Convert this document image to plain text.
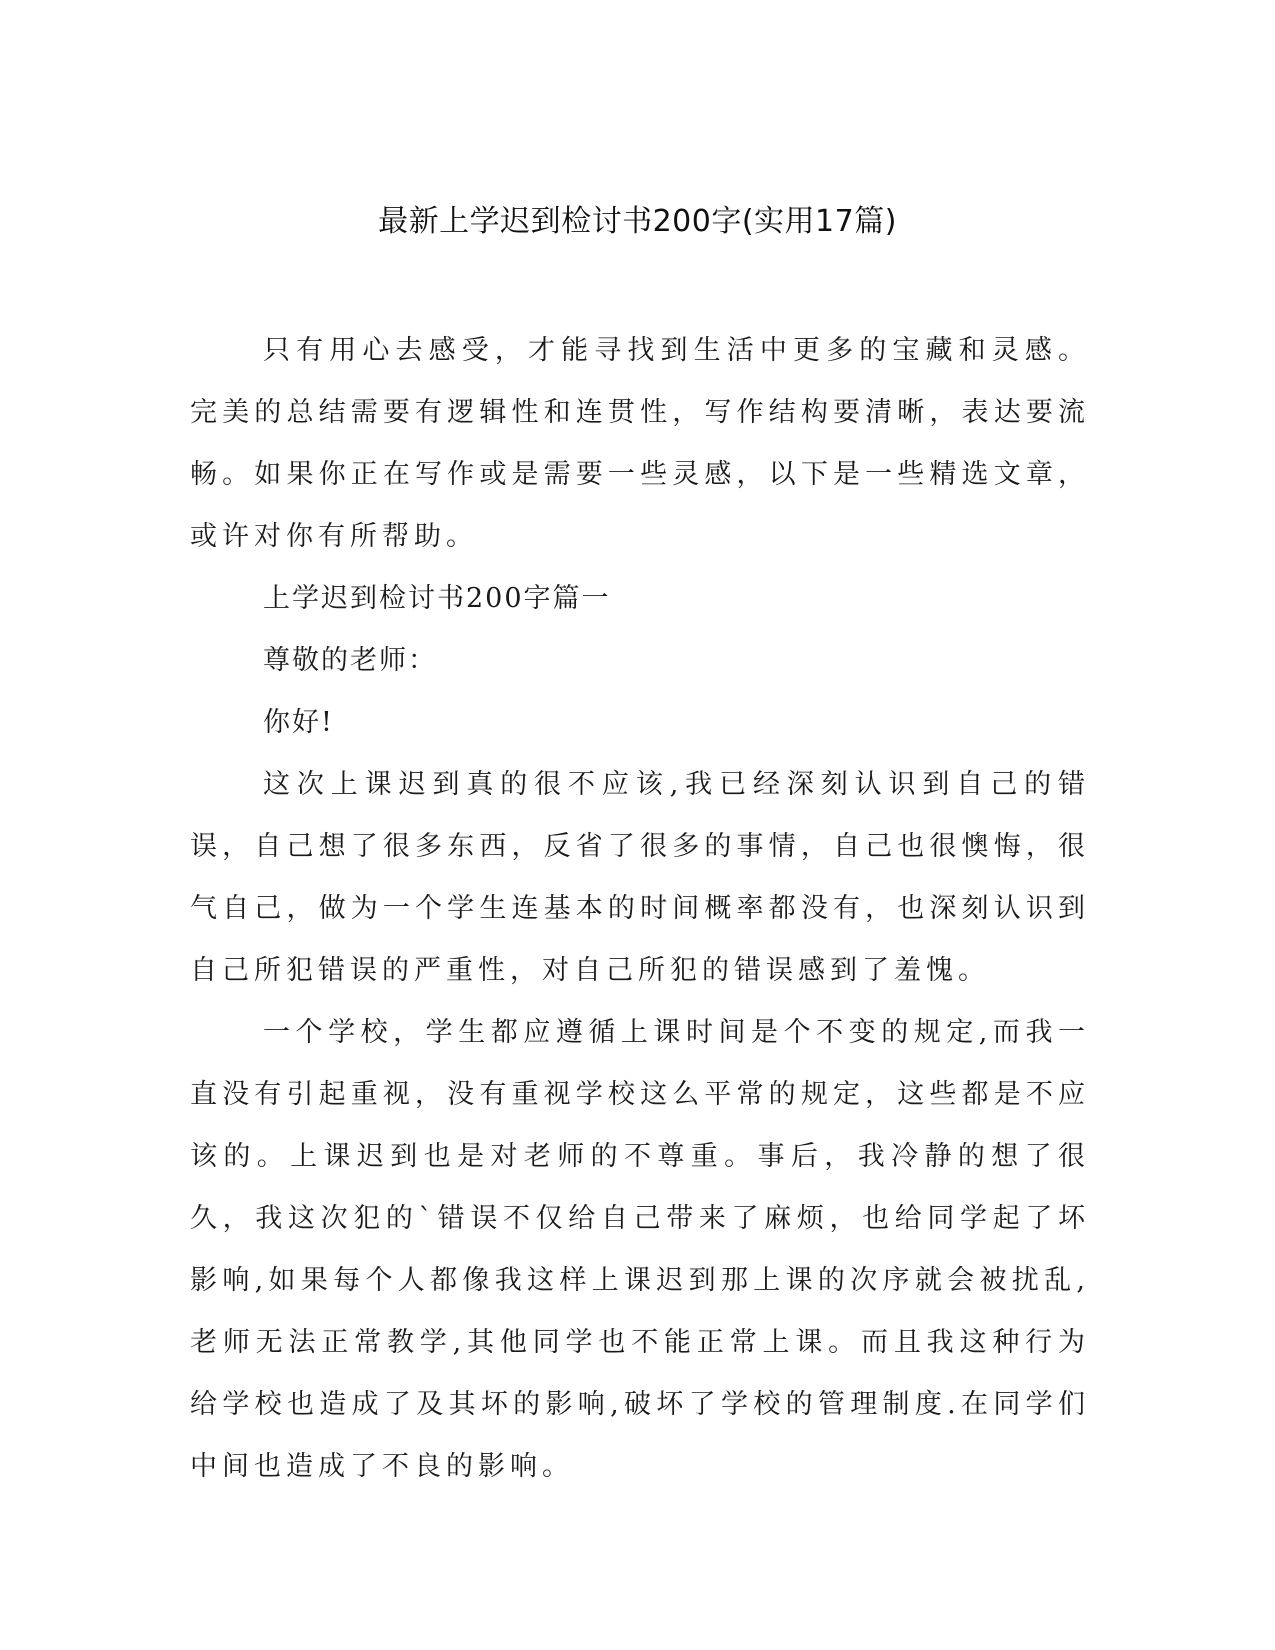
最新上学迟到检讨书200字(实用17篇)

只有用心去感受，才能寻找到生活中更多的宝藏和灵感。完美的总结需要有逻辑性和连贯性，写作结构要清晰，表达要流畅。如果你正在写作或是需要一些灵感，以下是一些精选文章，或许对你有所帮助。

上学迟到检讨书200字篇一

尊敬的老师：

你好!

这次上课迟到真的很不应该,我已经深刻认识到自己的错误，自己想了很多东西，反省了很多的事情，自己也很懊悔，很气自己，做为一个学生连基本的时间概率都没有，也深刻认识到自己所犯错误的严重性，对自己所犯的错误感到了羞愧。

一个学校，学生都应遵循上课时间是个不变的规定,而我一直没有引起重视，没有重视学校这么平常的规定，这些都是不应该的。上课迟到也是对老师的不尊重。事后，我冷静的想了很久，我这次犯的`错误不仅给自己带来了麻烦，也给同学起了坏影响,如果每个人都像我这样上课迟到那上课的次序就会被扰乱,老师无法正常教学,其他同学也不能正常上课。而且我这种行为给学校也造成了及其坏的影响,破坏了学校的管理制度.在同学们中间也造成了不良的影响。
